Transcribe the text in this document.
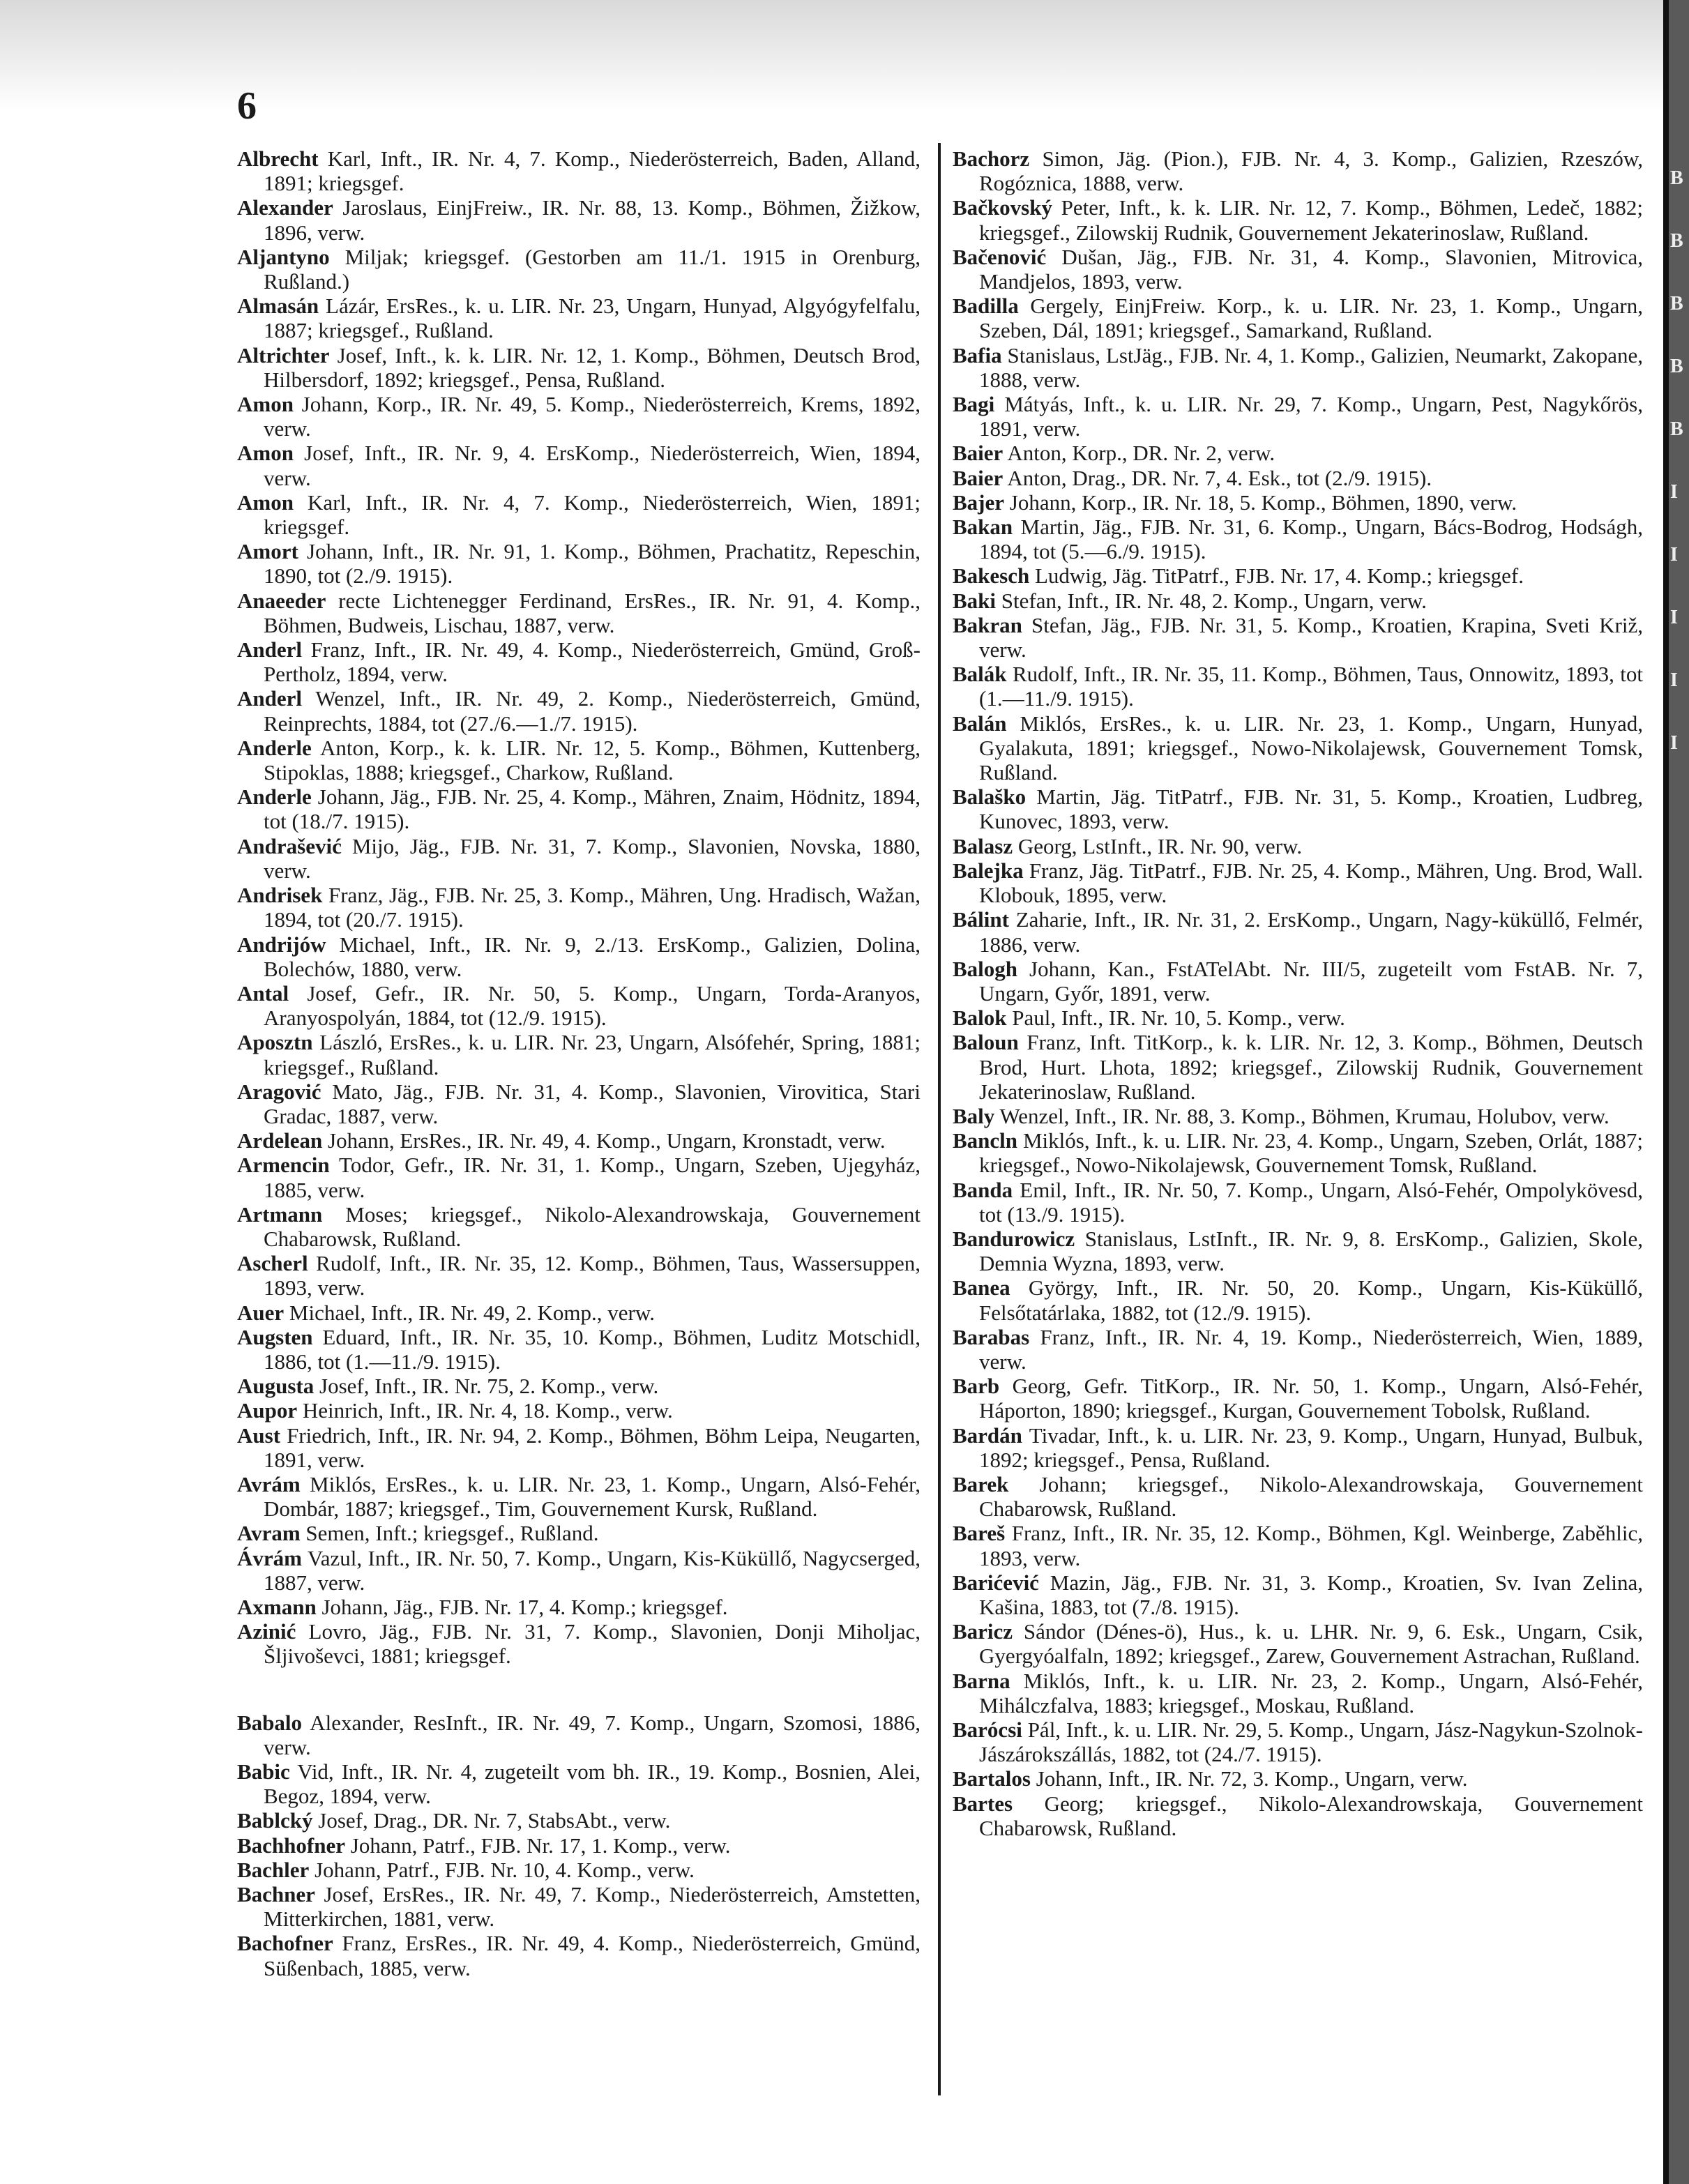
6
Albrecht Karl, Inft., IR. Nr. 4, 7. Komp., Niederösterreich, Baden, Alland, 1891; kriegsgef.
Alexander Jaroslaus, EinjFreiw., IR. Nr. 88, 13. Komp., Böhmen, Žižkow, 1896, verw.
Aljantyno Miljak; kriegsgef. (Gestorben am 11./1. 1915 in Orenburg, Rußland.)
Almasán Lázár, ErsRes., k. u. LIR. Nr. 23, Ungarn, Hunyad, Algyógyfelfalu, 1887; kriegsgef., Rußland.
Altrichter Josef, Inft., k. k. LIR. Nr. 12, 1. Komp., Böhmen, Deutsch Brod, Hilbersdorf, 1892; kriegsgef., Pensa, Rußland.
Amon Johann, Korp., IR. Nr. 49, 5. Komp., Niederösterreich, Krems, 1892, verw.
Amon Josef, Inft., IR. Nr. 9, 4. ErsKomp., Niederösterreich, Wien, 1894, verw.
Amon Karl, Inft., IR. Nr. 4, 7. Komp., Niederösterreich, Wien, 1891; kriegsgef.
Amort Johann, Inft., IR. Nr. 91, 1. Komp., Böhmen, Prachatitz, Repeschin, 1890, tot (2./9. 1915).
Anaeeder recte Lichtenegger Ferdinand, ErsRes., IR. Nr. 91, 4. Komp., Böhmen, Budweis, Lischau, 1887, verw.
Anderl Franz, Inft., IR. Nr. 49, 4. Komp., Niederösterreich, Gmünd, Groß-Pertholz, 1894, verw.
Anderl Wenzel, Inft., IR. Nr. 49, 2. Komp., Niederösterreich, Gmünd, Reinprechts, 1884, tot (27./6.—1./7. 1915).
Anderle Anton, Korp., k. k. LIR. Nr. 12, 5. Komp., Böhmen, Kuttenberg, Stipoklas, 1888; kriegsgef., Charkow, Rußland.
Anderle Johann, Jäg., FJB. Nr. 25, 4. Komp., Mähren, Znaim, Hödnitz, 1894, tot (18./7. 1915).
Andrašević Mijo, Jäg., FJB. Nr. 31, 7. Komp., Slavonien, Novska, 1880, verw.
Andrisek Franz, Jäg., FJB. Nr. 25, 3. Komp., Mähren, Ung. Hradisch, Wažan, 1894, tot (20./7. 1915).
Andrijów Michael, Inft., IR. Nr. 9, 2./13. ErsKomp., Galizien, Dolina, Bolechów, 1880, verw.
Antal Josef, Gefr., IR. Nr. 50, 5. Komp., Ungarn, Torda-Aranyos, Aranyospolyán, 1884, tot (12./9. 1915).
Aposztn László, ErsRes., k. u. LIR. Nr. 23, Ungarn, Alsófehér, Spring, 1881; kriegsgef., Rußland.
Aragović Mato, Jäg., FJB. Nr. 31, 4. Komp., Slavonien, Virovitica, Stari Gradac, 1887, verw.
Ardelean Johann, ErsRes., IR. Nr. 49, 4. Komp., Ungarn, Kronstadt, verw.
Armencin Todor, Gefr., IR. Nr. 31, 1. Komp., Ungarn, Szeben, Ujegyház, 1885, verw.
Artmann Moses; kriegsgef., Nikolo-Alexandrowskaja, Gouvernement Chabarowsk, Rußland.
Ascherl Rudolf, Inft., IR. Nr. 35, 12. Komp., Böhmen, Taus, Wassersuppen, 1893, verw.
Auer Michael, Inft., IR. Nr. 49, 2. Komp., verw.
Augsten Eduard, Inft., IR. Nr. 35, 10. Komp., Böhmen, Luditz Motschidl, 1886, tot (1.—11./9. 1915).
Augusta Josef, Inft., IR. Nr. 75, 2. Komp., verw.
Aupor Heinrich, Inft., IR. Nr. 4, 18. Komp., verw.
Aust Friedrich, Inft., IR. Nr. 94, 2. Komp., Böhmen, Böhm Leipa, Neugarten, 1891, verw.
Avrám Miklós, ErsRes., k. u. LIR. Nr. 23, 1. Komp., Ungarn, Alsó-Fehér, Dombár, 1887; kriegsgef., Tim, Gouvernement Kursk, Rußland.
Avram Semen, Inft.; kriegsgef., Rußland.
Ávrám Vazul, Inft., IR. Nr. 50, 7. Komp., Ungarn, Kis-Küküllő, Nagycserged, 1887, verw.
Axmann Johann, Jäg., FJB. Nr. 17, 4. Komp.; kriegsgef.
Azinić Lovro, Jäg., FJB. Nr. 31, 7. Komp., Slavonien, Donji Miholjac, Šljivoševci, 1881; kriegsgef.
Babalo Alexander, ResInft., IR. Nr. 49, 7. Komp., Ungarn, Szomosi, 1886, verw.
Babic Vid, Inft., IR. Nr. 4, zugeteilt vom bh. IR., 19. Komp., Bosnien, Alei, Begoz, 1894, verw.
Bablcký Josef, Drag., DR. Nr. 7, StabsAbt., verw.
Bachhofner Johann, Patrf., FJB. Nr. 17, 1. Komp., verw.
Bachler Johann, Patrf., FJB. Nr. 10, 4. Komp., verw.
Bachner Josef, ErsRes., IR. Nr. 49, 7. Komp., Niederösterreich, Amstetten, Mitterkirchen, 1881, verw.
Bachofner Franz, ErsRes., IR. Nr. 49, 4. Komp., Niederösterreich, Gmünd, Süßenbach, 1885, verw.
Bachorz Simon, Jäg. (Pion.), FJB. Nr. 4, 3. Komp., Galizien, Rzeszów, Rogóznica, 1888, verw.
Bačkovský Peter, Inft., k. k. LIR. Nr. 12, 7. Komp., Böhmen, Ledeč, 1882; kriegsgef., Zilowskij Rudnik, Gouvernement Jekaterinoslaw, Rußland.
Bačenović Dušan, Jäg., FJB. Nr. 31, 4. Komp., Slavonien, Mitrovica, Mandjelos, 1893, verw.
Badilla Gergely, EinjFreiw. Korp., k. u. LIR. Nr. 23, 1. Komp., Ungarn, Szeben, Dál, 1891; kriegsgef., Samarkand, Rußland.
Bafia Stanislaus, LstJäg., FJB. Nr. 4, 1. Komp., Galizien, Neumarkt, Zakopane, 1888, verw.
Bagi Mátyás, Inft., k. u. LIR. Nr. 29, 7. Komp., Ungarn, Pest, Nagykőrös, 1891, verw.
Baier Anton, Korp., DR. Nr. 2, verw.
Baier Anton, Drag., DR. Nr. 7, 4. Esk., tot (2./9. 1915).
Bajer Johann, Korp., IR. Nr. 18, 5. Komp., Böhmen, 1890, verw.
Bakan Martin, Jäg., FJB. Nr. 31, 6. Komp., Ungarn, Bács-Bodrog, Hodságh, 1894, tot (5.—6./9. 1915).
Bakesch Ludwig, Jäg. TitPatrf., FJB. Nr. 17, 4. Komp.; kriegsgef.
Baki Stefan, Inft., IR. Nr. 48, 2. Komp., Ungarn, verw.
Bakran Stefan, Jäg., FJB. Nr. 31, 5. Komp., Kroatien, Krapina, Sveti Križ, verw.
Balák Rudolf, Inft., IR. Nr. 35, 11. Komp., Böhmen, Taus, Onnowitz, 1893, tot (1.—11./9. 1915).
Balán Miklós, ErsRes., k. u. LIR. Nr. 23, 1. Komp., Ungarn, Hunyad, Gyalakuta, 1891; kriegsgef., Nowo-Nikolajewsk, Gouvernement Tomsk, Rußland.
Balaško Martin, Jäg. TitPatrf., FJB. Nr. 31, 5. Komp., Kroatien, Ludbreg, Kunovec, 1893, verw.
Balasz Georg, LstInft., IR. Nr. 90, verw.
Balejka Franz, Jäg. TitPatrf., FJB. Nr. 25, 4. Komp., Mähren, Ung. Brod, Wall. Klobouk, 1895, verw.
Bálint Zaharie, Inft., IR. Nr. 31, 2. ErsKomp., Ungarn, Nagy-küküllő, Felmér, 1886, verw.
Balogh Johann, Kan., FstATelAbt. Nr. III/5, zugeteilt vom FstAB. Nr. 7, Ungarn, Győr, 1891, verw.
Balok Paul, Inft., IR. Nr. 10, 5. Komp., verw.
Baloun Franz, Inft. TitKorp., k. k. LIR. Nr. 12, 3. Komp., Böhmen, Deutsch Brod, Hurt. Lhota, 1892; kriegsgef., Zilowskij Rudnik, Gouvernement Jekaterinoslaw, Rußland.
Baly Wenzel, Inft., IR. Nr. 88, 3. Komp., Böhmen, Krumau, Holubov, verw.
Bancln Miklós, Inft., k. u. LIR. Nr. 23, 4. Komp., Ungarn, Szeben, Orlát, 1887; kriegsgef., Nowo-Nikolajewsk, Gouvernement Tomsk, Rußland.
Banda Emil, Inft., IR. Nr. 50, 7. Komp., Ungarn, Alsó-Fehér, Ompolykövesd, tot (13./9. 1915).
Bandurowicz Stanislaus, LstInft., IR. Nr. 9, 8. ErsKomp., Galizien, Skole, Demnia Wyzna, 1893, verw.
Banea György, Inft., IR. Nr. 50, 20. Komp., Ungarn, Kis-Küküllő, Felsőtatárlaka, 1882, tot (12./9. 1915).
Barabas Franz, Inft., IR. Nr. 4, 19. Komp., Niederösterreich, Wien, 1889, verw.
Barb Georg, Gefr. TitKorp., IR. Nr. 50, 1. Komp., Ungarn, Alsó-Fehér, Háporton, 1890; kriegsgef., Kurgan, Gouvernement Tobolsk, Rußland.
Bardán Tivadar, Inft., k. u. LIR. Nr. 23, 9. Komp., Ungarn, Hunyad, Bulbuk, 1892; kriegsgef., Pensa, Rußland.
Barek Johann; kriegsgef., Nikolo-Alexandrowskaja, Gouvernement Chabarowsk, Rußland.
Bareš Franz, Inft., IR. Nr. 35, 12. Komp., Böhmen, Kgl. Weinberge, Zaběhlic, 1893, verw.
Barićević Mazin, Jäg., FJB. Nr. 31, 3. Komp., Kroatien, Sv. Ivan Zelina, Kašina, 1883, tot (7./8. 1915).
Baricz Sándor (Dénes-ö), Hus., k. u. LHR. Nr. 9, 6. Esk., Ungarn, Csik, Gyergyóalfaln, 1892; kriegsgef., Zarew, Gouvernement Astrachan, Rußland.
Barna Miklós, Inft., k. u. LIR. Nr. 23, 2. Komp., Ungarn, Alsó-Fehér, Mihálczfalva, 1883; kriegsgef., Moskau, Rußland.
Barócsi Pál, Inft., k. u. LIR. Nr. 29, 5. Komp., Ungarn, Jász-Nagykun-Szolnok-Jászárokszállás, 1882, tot (24./7. 1915).
Bartalos Johann, Inft., IR. Nr. 72, 3. Komp., Ungarn, verw.
Bartes Georg; kriegsgef., Nikolo-Alexandrowskaja, Gouvernement Chabarowsk, Rußland.
B
B
B
B
B
I
I
I
I
I
